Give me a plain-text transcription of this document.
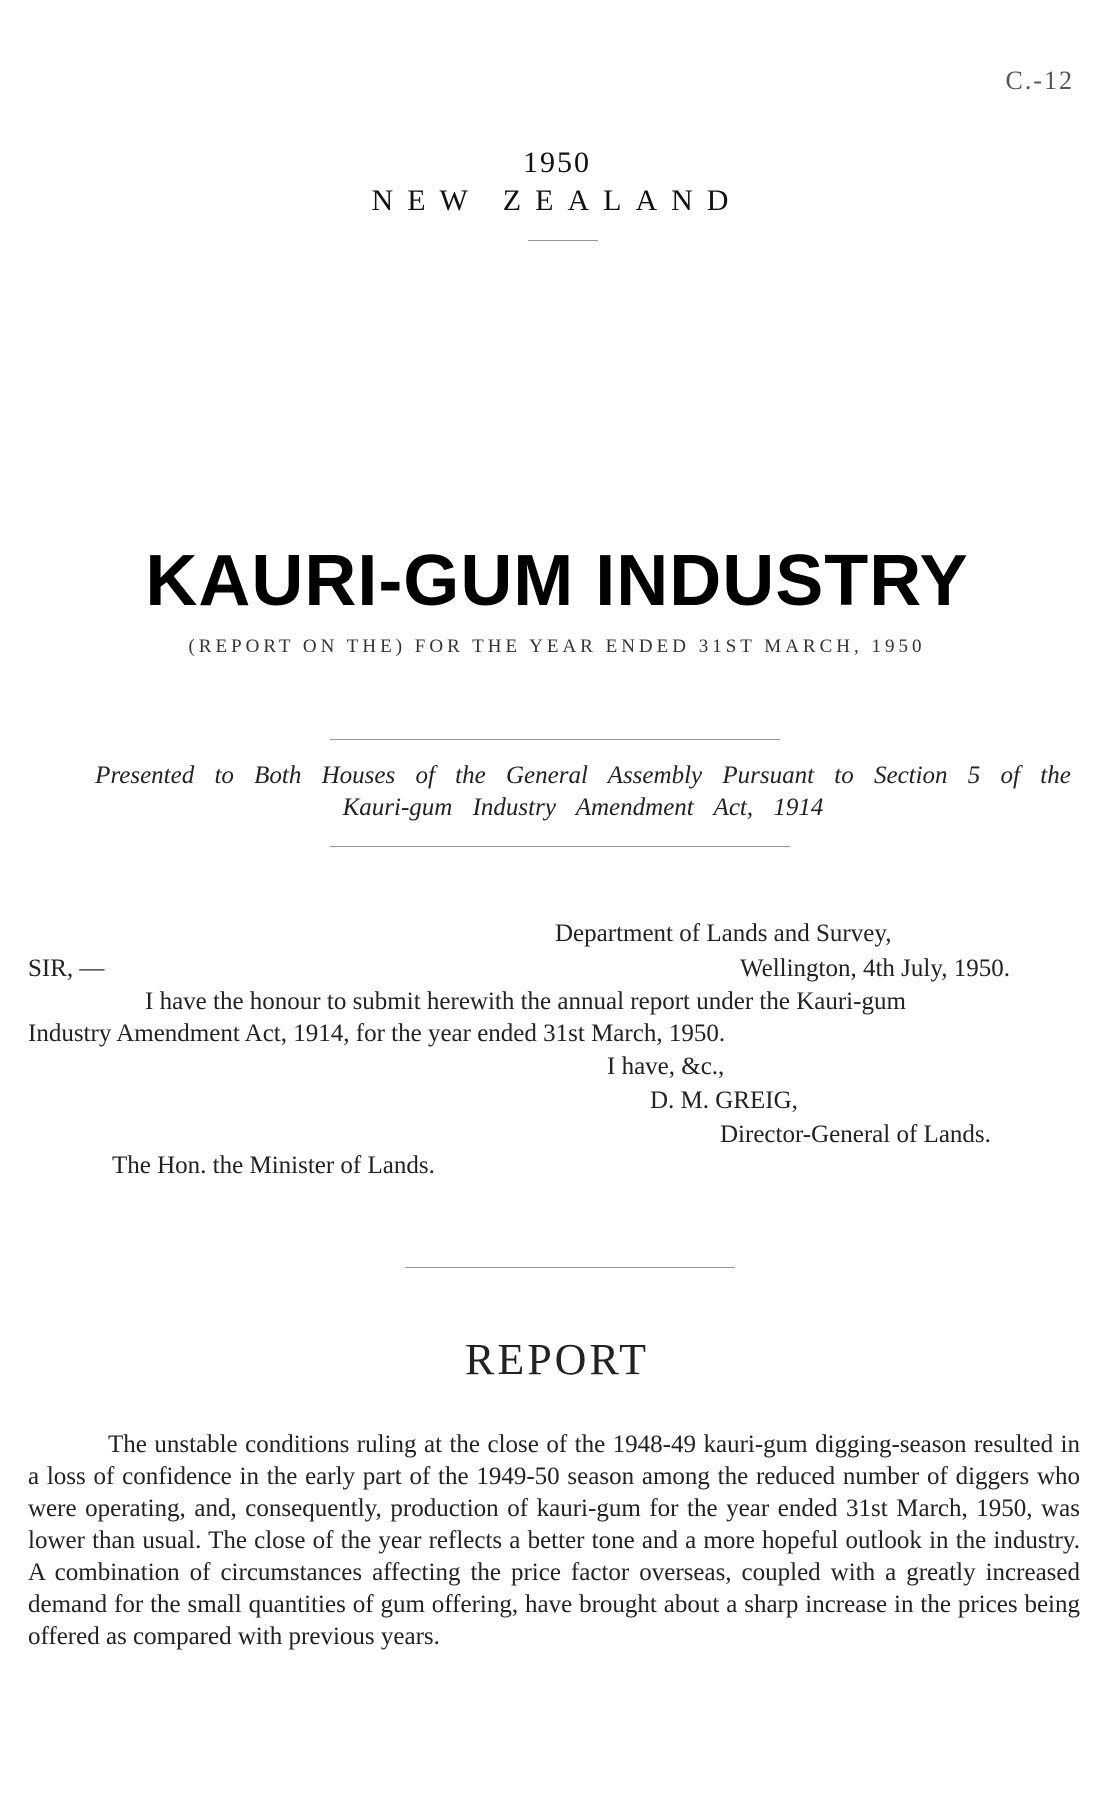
C.-12
1950
NEW ZEALAND
KAURI-GUM INDUSTRY
(REPORT ON THE) FOR THE YEAR ENDED 31ST MARCH, 1950
Presented to Both Houses of the General Assembly Pursuant to Section 5 of the Kauri-gum Industry Amendment Act, 1914
Department of Lands and Survey,
SIR, —	Wellington, 4th July, 1950.
I have the honour to submit herewith the annual report under the Kauri-gum
Industry Amendment Act, 1914, for the year ended 31st March, 1950.
I have, &c.,
D. M. GREIG,
Director-General of Lands.
The Hon. the Minister of Lands.
REPORT
The unstable conditions ruling at the close of the 1948-49 kauri-gum digging-season resulted in a loss of confidence in the early part of the 1949-50 season among the reduced number of diggers who were operating, and, consequently, production of kauri-gum for the year ended 31st March, 1950, was lower than usual. The close of the year reflects a better tone and a more hopeful outlook in the industry. A combination of circumstances affecting the price factor overseas, coupled with a greatly increased demand for the small quantities of gum offering, have brought about a sharp increase in the prices being offered as compared with previous years.
